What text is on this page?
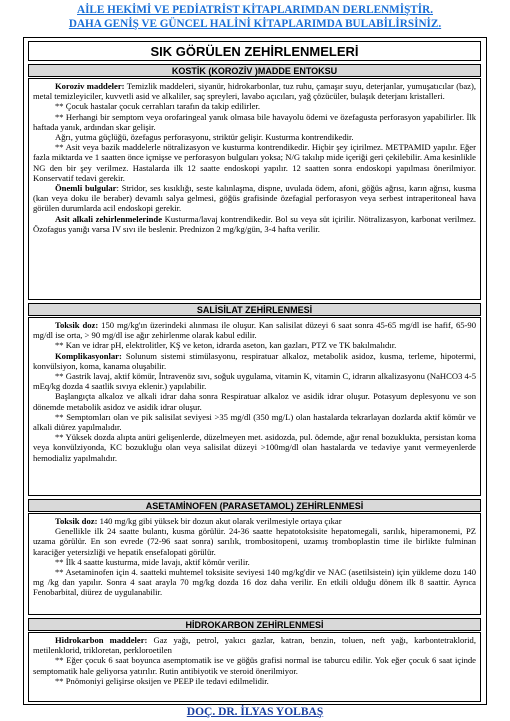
AİLE HEKİMİ VE PEDİATRİST KİTAPLARIMDAN DERLENMİŞTİR.
DAHA GENİŞ VE GÜNCEL HALİNİ KİTAPLARIMDA BULABİLİRSİNİZ.
SIK GÖRÜLEN ZEHİRLENMELERİ
KOSTİK (KOROZİV )MADDE ENTOKSU

Koroziv maddeler: Temizlik maddeleri, siyanür, hidrokarbonlar, tuz ruhu, çamaşır suyu, deterjanlar, yumuşatıcılar (baz), metal temizleyiciler, kuvvetli asid ve alkaliler, saç spreyleri, lavabo açıcıları, yağ çözücüler, bulaşık deterjanı kristalleri.

** Çocuk hastalar çocuk cerrahları tarafın da takip edilirler.

** Herhangi bir semptom veya orofaringeal yanık olmasa bile havayolu ödemi ve özefagusta perforasyon yapabilirler. İlk haftada yanık, ardından skar gelişir.

Ağrı, yutma güçlüğü, özefagus perforasyonu, striktür gelişir. Kusturma kontrendikedir.

** Asit veya bazik maddelerle nötralizasyon ve kusturma kontrendikedir. Hiçbir şey içirilmez. METPAMID yapılır. Eğer fazla miktarda ve 1 saatten önce içmişse ve perforasyon bulguları yoksa; N/G takılıp mide içeriği geri çekilebilir. Ama kesinlikle NG den bir şey verilmez. Hastalarda ilk 12 saatte endoskopi yapılır. 12 saatten sonra endoskopi yapılması önerilmiyor. Konservatif tedavi gerekir.

Önemli bulgular: Stridor, ses kısıklığı, seste kalınlaşma, dispne, uvulada ödem, afoni, göğüs ağrısı, karın ağrısı, kusma (kan veya doku ile beraber) devamlı salya gelmesi, göğüs grafisinde özefagial perforasyon veya serbest intraperitoneal hava görülen durumlarda acil endoskopi gerekir.

Asit alkali zehirlenmelerinde Kusturma/lavaj kontrendikedir. Bol su veya süt içirilir. Nötralizasyon, karbonat verilmez. Özofagus yanığı varsa IV sıvı ile beslenir. Prednizon 2 mg/kg/gün, 3-4 hafta verilir.

SALİSİLAT ZEHİRLENMESİ

Toksik doz: 150 mg/kg'ın üzerindeki alınması ile oluşur. Kan salisilat düzeyi 6 saat sonra 45-65 mg/dl ise hafif, 65-90 mg/dl ise orta, > 90 mg/dl ise ağır zehirlenme olarak kabul edilir.

** Kan ve idrar pH, elektrolitler, KŞ ve keton, idrarda aseton, kan gazları, PTZ ve TK bakılmalıdır.

Komplikasyonlar: Solunum sistemi stimülasyonu, respiratuar alkaloz, metabolik asidoz, kusma, terleme, hipotermi, konvülsiyon, koma, kanama oluşabilir.

** Gastrik lavaj, aktif kömür, İntravenöz sıvı, soğuk uygulama, vitamin K, vitamin C, idrarın alkalizasyonu (NaHCO3 4-5 mEq/kg dozda 4 saatlik sıvıya eklenir.) yapılabilir.

Başlangıçta alkaloz ve alkali idrar daha sonra Respiratuar alkaloz ve asidik idrar oluşur. Potasyum deplesyonu ve son dönemde metabolik asidoz ve asidik idrar oluşur.

** Semptomları olan ve pik salisilat seviyesi >35 mg/dl (350 mg/L) olan hastalarda tekrarlayan dozlarda aktif kömür ve alkali diürez yapılmalıdır.

** Yüksek dozda alıpta anüri gelişenlerde, düzelmeyen met. asidozda, pul. ödemde, ağır renal bozuklukta, persistan koma veya konvülziyonda, KC bozukluğu olan veya salisilat düzeyi >100mg/dl olan hastalarda ve tedaviye yanıt vermeyenlerde hemodializ yapılmalıdır.

ASETAMİNOFEN (PARASETAMOL) ZEHİRLENMESİ

Toksik doz: 140 mg/kg gibi yüksek bir dozun akut olarak verilmesiyle ortaya çıkar

Genellikle ilk 24 saatte bulantı, kusma görülür. 24-36 saatte hepatotoksisite hepatomegali, sarılık, hiperamonemi, PZ uzama görülür. En son evrede (72-96 saat sonra) sarılık, trombositopeni, uzamış tromboplastin time ile birlikte fulminan karaciğer yetersizliği ve hepatik ensefalopati görülür.

** İlk 4 saatte kusturma, mide lavajı, aktif kömür verilir.

** Asetaminofen için 4. saatteki muhtemel toksisite seviyesi 140 mg/kg'dir ve NAC (asetilsistein) için yükleme dozu 140 mg /kg dan yapılır. Sonra 4 saat arayla 70 mg/kg dozda 16 doz daha verilir. En etkili olduğu dönem ilk 8 saattir. Ayrıca Fenobarbital, diürez de uygulanabilir.

HİDROKARBON ZEHİRLENMESİ

Hidrokarbon maddeler: Gaz yağı, petrol, yakıcı gazlar, katran, benzin, toluen, neft yağı, karbontetraklorid, metilenklorid, trikloretan, perkloroetilen

** Eğer çocuk 6 saat boyunca asemptomatik ise ve göğüs grafisi normal ise taburcu edilir. Yok eğer çocuk 6 saat içinde semptomatik hale geliyorsa yatırılır. Rutin antibiyotik ve steroid önerilmiyor.

** Pnömoniyi gelişirse oksijen ve PEEP ile tedavi edilmelidir.

DOÇ. DR. İLYAS YOLBAŞ
